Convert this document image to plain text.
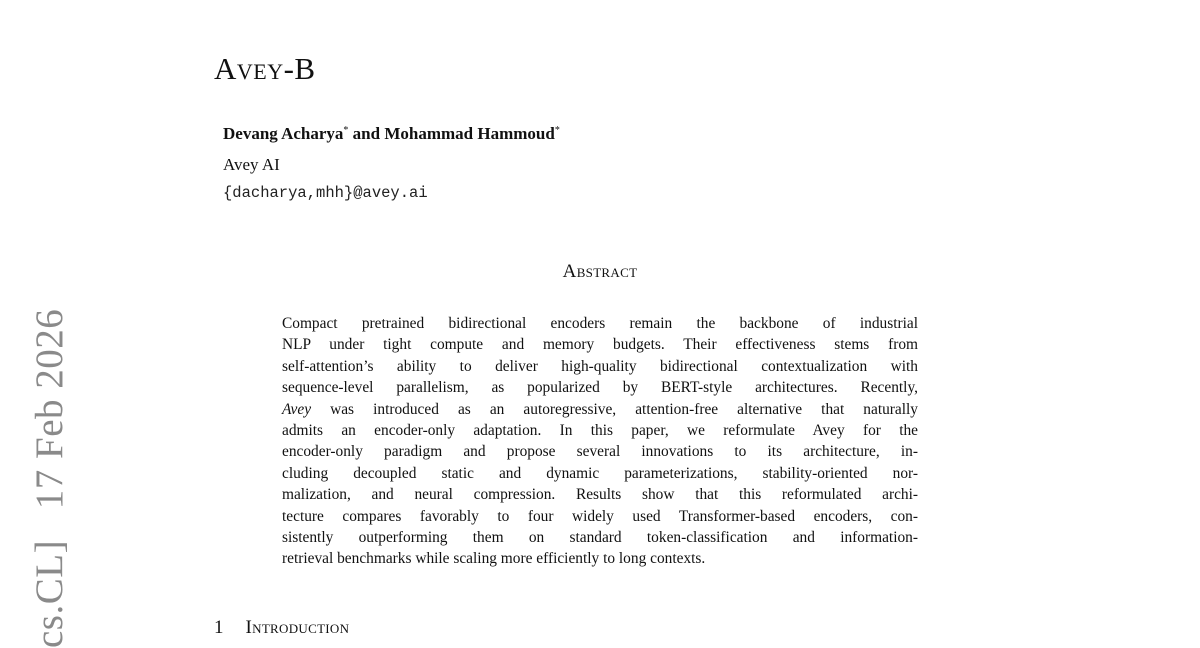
cs.CL]   17 Feb 2026
Avey-B
Devang Acharya* and Mohammad Hammoud*
Avey AI
{dacharya,mhh}@avey.ai
Abstract
Compact pretrained bidirectional encoders remain the backbone of industrial
NLP under tight compute and memory budgets. Their effectiveness stems from
self-attention’s ability to deliver high-quality bidirectional contextualization with
sequence-level parallelism, as popularized by BERT-style architectures. Recently,
Avey was introduced as an autoregressive, attention-free alternative that naturally
admits an encoder-only adaptation. In this paper, we reformulate Avey for the
encoder-only paradigm and propose several innovations to its architecture, in-
cluding decoupled static and dynamic parameterizations, stability-oriented nor-
malization, and neural compression. Results show that this reformulated archi-
tecture compares favorably to four widely used Transformer-based encoders, con-
sistently outperforming them on standard token-classification and information-
retrieval benchmarks while scaling more efficiently to long contexts.
1 Introduction
